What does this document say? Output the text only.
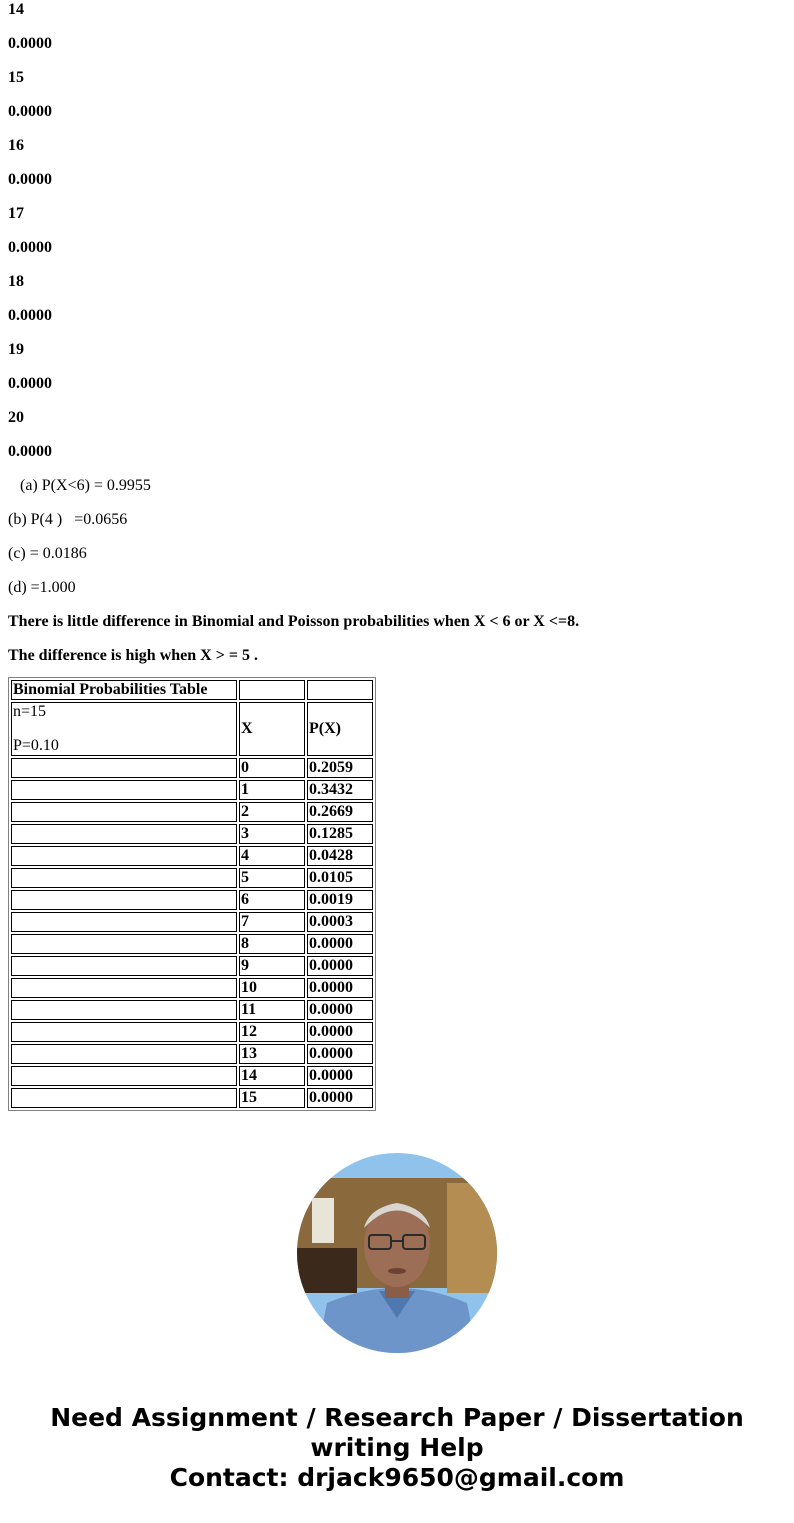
14

0.0000

15

0.0000

16

0.0000

17

0.0000

18

0.0000

19

0.0000

20

0.0000

(a) P(X<6) = 0.9955

(b) P(4 )   =0.0656

(c) = 0.0186

(d) =1.000

There is little difference in Binomial and Poisson probabilities when X < 6 or X <=8.

The difference is high when X > = 5 .

Binomial Probabilities Table		

n=15
P=0.10	X	P(X)
	0	0.2059
	1	0.3432
	2	0.2669
	3	0.1285
	4	0.0428
	5	0.0105
	6	0.0019
	7	0.0003
	8	0.0000
	9	0.0000
	10	0.0000
	11	0.0000
	12	0.0000
	13	0.0000
	14	0.0000
	15	0.0000
Need Assignment / Research Paper / Dissertation
writing Help
Contact: drjack9650@gmail.com
